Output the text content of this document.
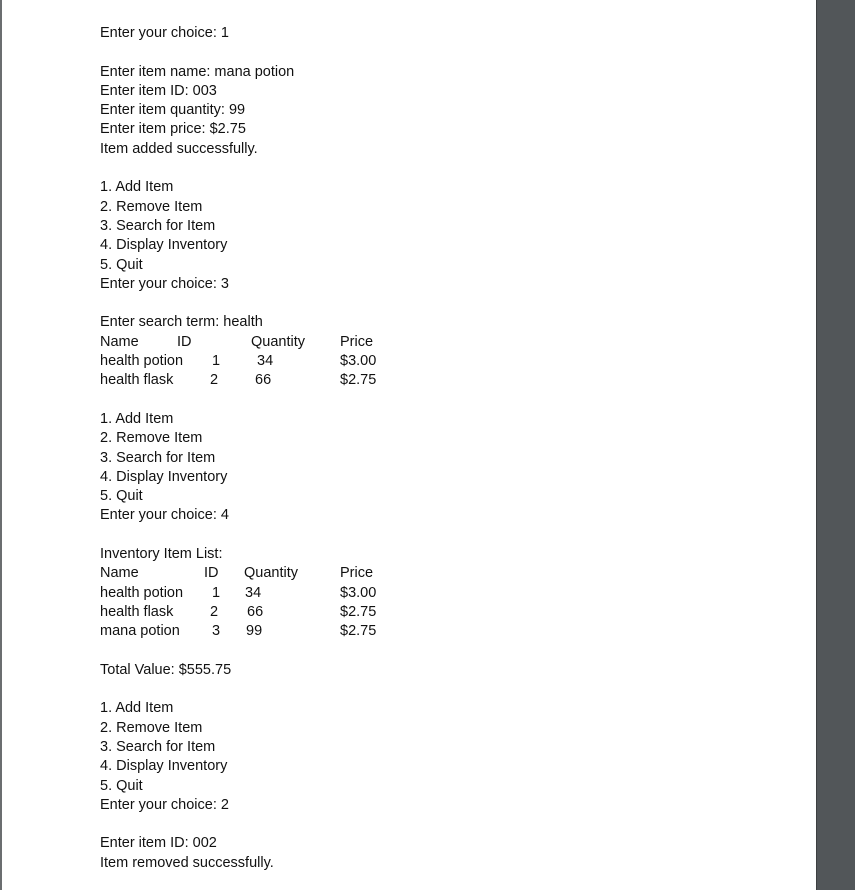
Enter your choice: 1
Enter item name: mana potion
Enter item ID: 003
Enter item quantity: 99
Enter item price: $2.75
Item added successfully.
1. Add Item
2. Remove Item
3. Search for Item
4. Display Inventory
5. Quit
Enter your choice: 3
Enter search term: health
Name	ID	Quantity Price
health potion 1	34	$3.00
health flask	2	66	$2.75
1. Add Item
2. Remove Item
3. Search for Item
4. Display Inventory
5. Quit
Enter your choice: 4
Inventory Item List:
Name	ID Quantity	Price
health potion 1 34	$3.00
health flask	2 66	$2.75
mana potion 3 99	$2.75
Total Value: $555.75
1. Add Item
2. Remove Item
3. Search for Item
4. Display Inventory
5. Quit
Enter your choice: 2
Enter item ID: 002
Item removed successfully.
